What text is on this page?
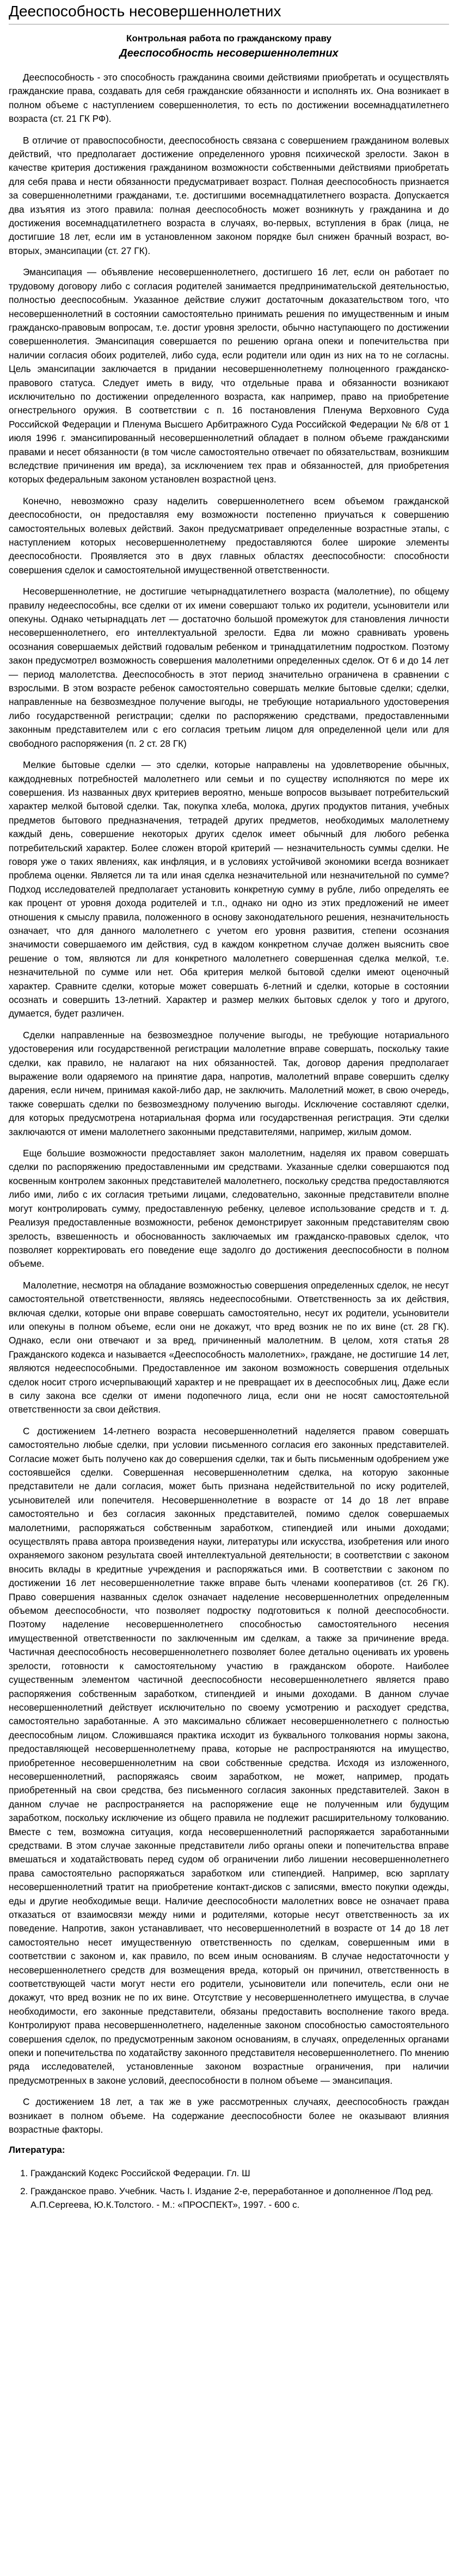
Дееспособность несовершеннолетних
Контрольная работа по гражданскому праву
Дееспособность несовершеннолетних

Дееспособность - это способность гражданина своими действиями приобретать и осуществлять гражданские права, создавать для себя гражданские обязанности и исполнять их. Она возникает в полном объеме с наступлением совершеннолетия, то есть по достижении восемнадцатилетнего возраста (ст. 21 ГК РФ).

В отличие от правоспособности, дееспособность связана с совершением гражданином волевых действий, что предполагает достижение определенного уровня психической зрелости. Закон в качестве критерия достижения гражданином возможности собственными действиями приобретать для себя права и нести обязанности предусматривает возраст. Полная дееспособность признается за совершеннолетними гражданами, т.е. достигшими восемнадцатилетнего возраста. Допускается два изъятия из этого правила: полная дееспособность может возникнуть у гражданина и до достижения восемнадцатилетнего возраста в случаях, во-первых, вступления в брак (лица, не достигшие 18 лет, если им в установленном законом порядке был снижен брачный возраст, во-вторых, эмансипации (ст. 27 ГК).

Эмансипация — объявление несовершеннолетнего, достигшего 16 лет, если он работает по трудовому договору либо с согласия родителей занимается предпринимательской деятельностью, полностью дееспособным. Указанное действие служит достаточным доказательством того, что несовершеннолетний в состоянии самостоятельно принимать решения по имущественным и иным гражданско-правовым вопросам, т.е. достиг уровня зрелости, обычно наступающего по достижении совершеннолетия. Эмансипация совершается по решению органа опеки и попечительства при наличии согласия обоих родителей, либо суда, если родители или один из них на то не согласны. Цель эмансипации заключается в придании несовершеннолетнему полноценного гражданско-правового статуса. Следует иметь в виду, что отдельные права и обязанности возникают исключительно по достижении определенного возраста, как например, право на приобретение огнестрельного оружия. В соответствии с п. 16 постановления Пленума Верховного Суда Российской Федерации и Пленума Высшего Арбитражного Суда Российской Федерации № 6/8 от 1 июля 1996 г. эмансипированный несовершеннолетний обладает в полном объеме гражданскими правами и несет обязанности (в том числе самостоятельно отвечает по обязательствам, возникшим вследствие причинения им вреда), за исключением тех прав и обязанностей, для приобретения которых федеральным законом установлен возрастной ценз.

Конечно, невозможно сразу наделить совершеннолетнего всем объемом гражданской дееспособности, он предоставляя ему возможности постепенно приучаться к совершению самостоятельных волевых действий. Закон предусматривает определенные возрастные этапы, с наступлением которых несовершеннолетнему предоставляются более широкие элементы дееспособности. Проявляется это в двух главных областях дееспособности: способности совершения сделок и самостоятельной имущественной ответственности.

Несовершеннолетние, не достигшие четырнадцатилетнего возраста (малолетние), по общему правилу недееспособны, все сделки от их имени совершают только их родители, усыновители или опекуны. Однако четырнадцать лет — достаточно большой промежуток для становления личности несовершеннолетнего, его интеллектуальной зрелости. Едва ли можно сравнивать уровень осознания совершаемых действий годовалым ребенком и тринадцатилетним подростком. Поэтому закон предусмотрел возможность совершения малолетними определенных сделок. От 6 и до 14 лет — период малолетства. Дееспособность в этот период значительно ограничена в сравнении с взрослыми. В этом возрасте ребенок самостоятельно совершать мелкие бытовые сделки; сделки, направленные на безвозмездное получение выгоды, не требующие нотариального удостоверения либо государственной регистрации; сделки по распоряжению средствами, предоставленными законным представителем или с его согласия третьим лицом для определенной цели или для свободного распоряжения (п. 2 ст. 28 ГК)

Мелкие бытовые сделки — это сделки, которые направлены на удовлетворение обычных, каждодневных потребностей малолетнего или семьи и по существу исполняются по мере их совершения. Из названных двух критериев вероятно, меньше вопросов вызывает потребительский характер мелкой бытовой сделки. Так, покупка хлеба, молока, других продуктов питания, учебных предметов бытового предназначения, тетрадей других предметов, необходимых малолетнему каждый день, совершение некоторых других сделок имеет обычный для любого ребенка потребительский характер. Более сложен второй критерий — незначительность суммы сделки. Не говоря уже о таких явлениях, как инфляция, и в условиях устойчивой экономики всегда возникает проблема оценки. Является ли та или иная сделка незначительной или незначительной по сумме? Подход исследователей предполагает установить конкретную сумму в рубле, либо определять ее как процент от уровня дохода родителей и т.п., однако ни одно из этих предложений не имеет отношения к смыслу правила, положенного в основу законодательного решения, незначительность означает, что для данного малолетнего с учетом его уровня развития, степени осознания значимости совершаемого им действия, суд в каждом конкретном случае должен выяснить свое решение о том, являются ли для конкретного малолетнего совершенная сделка мелкой, т.е. незначительной по сумме или нет. Оба критерия мелкой бытовой сделки имеют оценочный характер. Сравните сделки, которые может совершать 6-летний и сделки, которые в состоянии осознать и совершить 13-летний. Характер и размер мелких бытовых сделок у того и другого, думается, будет различен.

Сделки направленные на безвозмездное получение выгоды, не требующие нотариального удостоверения или государственной регистрации малолетние вправе совершать, поскольку такие сделки, как правило, не налагают на них обязанностей. Так, договор дарения предполагает выражение воли одаряемого на принятие дара, напротив, малолетний вправе совершить сделку дарения, если ничем, принимая какой-либо дар, не заключить. Малолетний может, в свою очередь, также совершать сделки по безвозмездному получению выгоды. Исключение составляют сделки, для которых предусмотрена нотариальная форма или государственная регистрация. Эти сделки заключаются от имени малолетнего законными представителями, например, жилым домом.

Еще большие возможности предоставляет закон малолетним, наделяя их правом совершать сделки по распоряжению предоставленными им средствами. Указанные сделки совершаются под косвенным контролем законных представителей малолетнего, поскольку средства предоставляются либо ими, либо с их согласия третьими лицами, следовательно, законные представители вполне могут контролировать сумму, предоставленную ребенку, целевое использование средств и т. д. Реализуя предоставленные возможности, ребенок демонстрирует законным представителям свою зрелость, взвешенность и обоснованность заключаемых им гражданско-правовых сделок, что позволяет корректировать его поведение еще задолго до достижения дееспособности в полном объеме.

Малолетние, несмотря на обладание возможностью совершения определенных сделок, не несут самостоятельной ответственности, являясь недееспособными. Ответственность за их действия, включая сделки, которые они вправе совершать самостоятельно, несут их родители, усыновители или опекуны в полном объеме, если они не докажут, что вред возник не по их вине (ст. 28 ГК). Однако, если они отвечают и за вред, причиненный малолетним. В целом, хотя статья 28 Гражданского кодекса и называется «Дееспособность малолетних», граждане, не достигшие 14 лет, являются недееспособными. Предоставленное им законом возможность совершения отдельных сделок носит строго исчерпывающий характер и не превращает их в дееспособных лиц, Даже если в силу закона все сделки от имени подопечного лица, если они не носят самостоятельной ответственности за свои действия.

С достижением 14-летнего возраста несовершеннолетний наделяется правом совершать самостоятельно любые сделки, при условии письменного согласия его законных представителей. Согласие может быть получено как до совершения сделки, так и быть письменным одобрением уже состоявшейся сделки. Совершенная несовершеннолетним сделка, на которую законные представители не дали согласия, может быть признана недействительной по иску родителей, усыновителей или попечителя. Несовершеннолетние в возрасте от 14 до 18 лет вправе самостоятельно и без согласия законных представителей, помимо сделок совершаемых малолетними, распоряжаться собственным заработком, стипендией или иными доходами; осуществлять права автора произведения науки, литературы или искусства, изобретения или иного охраняемого законом результата своей интеллектуальной деятельности; в соответствии с законом вносить вклады в кредитные учреждения и распоряжаться ими. В соответствии с законом по достижении 16 лет несовершеннолетние также вправе быть членами кооперативов (ст. 26 ГК). Право совершения названных сделок означает наделение несовершеннолетних определенным объемом дееспособности, что позволяет подростку подготовиться к полной дееспособности. Поэтому наделение несовершеннолетнего способностью самостоятельного несения имущественной ответственности по заключенным им сделкам, а также за причинение вреда. Частичная дееспособность несовершеннолетнего позволяет более детально оценивать их уровень зрелости, готовности к самостоятельному участию в гражданском обороте. Наиболее существенным элементом частичной дееспособности несовершеннолетнего является право распоряжения собственным заработком, стипендией и иными доходами. В данном случае несовершеннолетний действует исключительно по своему усмотрению и расходует средства, самостоятельно заработанные. А это максимально сближает несовершеннолетнего с полностью дееспособным лицом. Сложившаяся практика исходит из буквального толкования нормы закона, предоставляющей несовершеннолетнему права, которые не распространяются на имущество, приобретенное несовершеннолетним на свои собственные средства. Исходя из изложенного, несовершеннолетний, распоряжаясь своим заработком, не может, например, продать приобретенный на свои средства, без письменного согласия законных представителей. Закон в данном случае не распространяется на распоряжение еще не полученным или будущим заработком, поскольку исключение из общего правила не подлежит расширительному толкованию. Вместе с тем, возможна ситуация, когда несовершеннолетний распоряжается заработанными средствами. В этом случае законные представители либо органы опеки и попечительства вправе вмешаться и ходатайствовать перед судом об ограничении либо лишении несовершеннолетнего права самостоятельно распоряжаться заработком или стипендией. Например, всю зарплату несовершеннолетний тратит на приобретение контакт-дисков с записями, вместо покупки одежды, еды и другие необходимые вещи. Наличие дееспособности малолетних вовсе не означает права отказаться от взаимосвязи между ними и родителями, которые несут ответственность за их поведение. Напротив, закон устанавливает, что несовершеннолетний в возрасте от 14 до 18 лет самостоятельно несет имущественную ответственность по сделкам, совершенным ими в соответствии с законом и, как правило, по всем иным основаниям. В случае недостаточности у несовершеннолетнего средств для возмещения вреда, который он причинил, ответственность в соответствующей части могут нести его родители, усыновители или попечитель, если они не докажут, что вред возник не по их вине. Отсутствие у несовершеннолетнего имущества, в случае необходимости, его законные представители, обязаны предоставить восполнение такого вреда. Контролируют права несовершеннолетнего, наделенные законом способностью самостоятельного совершения сделок, по предусмотренным законом основаниям, в случаях, определенных органами опеки и попечительства по ходатайству законного представителя несовершеннолетнего. По мнению ряда исследователей, установленные законом возрастные ограничения, при наличии предусмотренных в законе условий, дееспособности в полном объеме — эмансипация.

С достижением 18 лет, а так же в уже рассмотренных случаях, дееспособность граждан возникает в полном объеме. На содержание дееспособности более не оказывают влияния возрастные факторы.

Литература:
1. Гражданский Кодекс Российской Федерации. Гл. Ш
2. Гражданское право. Учебник. Часть I. Издание 2-е, переработанное и дополненное /Под ред. А.П.Сергеева, Ю.К.Толстого. - М.: «ПРОСПЕКТ», 1997. - 600 с.
